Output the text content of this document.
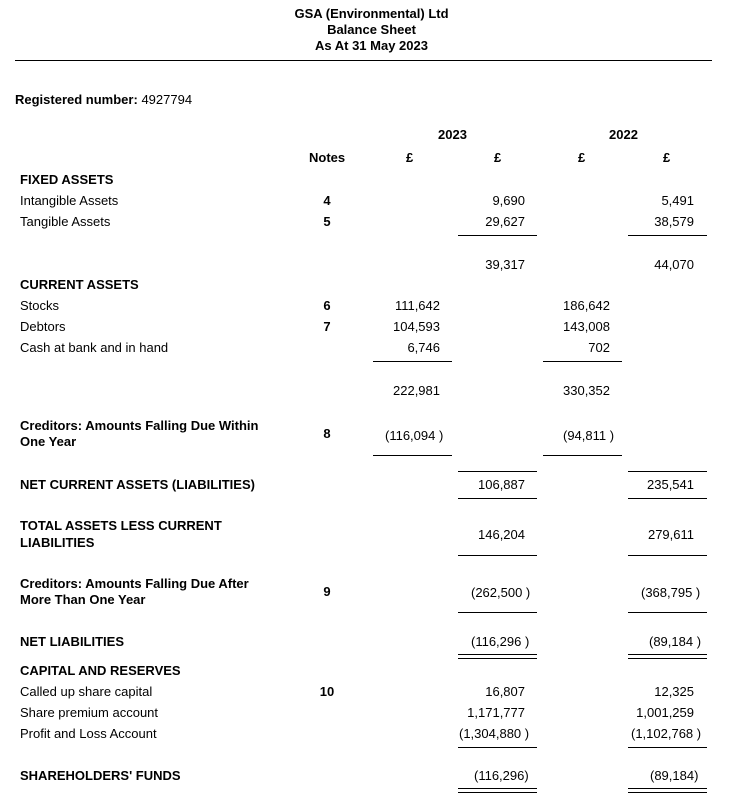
GSA (Environmental) Ltd
Balance Sheet
As At 31 May 2023
Registered number: 4927794
2023	2022
Notes	£	£	£	£
FIXED ASSETS
Intangible Assets	4	9,690	5,491
Tangible Assets	5	29,627	38,579
39,317	44,070
CURRENT ASSETS
Stocks	6	111,642	186,642
Debtors	7	104,593	143,008
Cash at bank and in hand	6,746	702
222,981	330,352
Creditors: Amounts Falling Due Within
One Year
8	(116,094 )	(94,811 )
NET CURRENT ASSETS (LIABILITIES)	106,887	235,541
TOTAL ASSETS LESS CURRENT
LIABILITIES
146,204	279,611
Creditors: Amounts Falling Due After
More Than One Year
9	(262,500 )	(368,795 )
NET LIABILITIES	(116,296 )	(89,184 )
CAPITAL AND RESERVES
Called up share capital	10	16,807	12,325
Share premium account	1,171,777	1,001,259
Profit and Loss Account	(1,304,880 )	(1,102,768 )
SHAREHOLDERS' FUNDS	(116,296)	(89,184)
